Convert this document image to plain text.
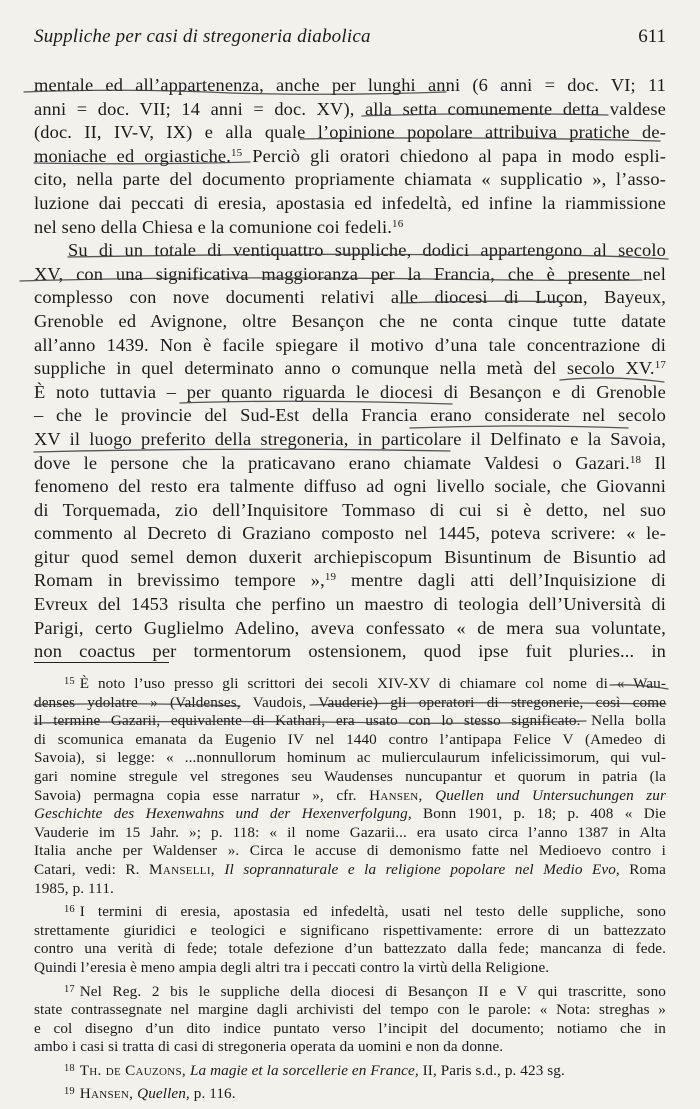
Suppliche per casi di stregoneria diabolica	611
mentale ed all’appartenenza, anche per lunghi anni (6 anni = doc. VI; 11
anni = doc. VII; 14 anni = doc. XV), alla setta comunemente detta valdese
(doc. II, IV-V, IX) e alla quale l’opinione popolare attribuiva pratiche de-
moniache ed orgiastiche.$^{15}$ Perciò gli oratori chiedono al papa in modo espli-
cito, nella parte del documento propriamente chiamata « supplicatio », l’asso-
luzione dai peccati di eresia, apostasia ed infedeltà, ed infine la riammissione
nel seno della Chiesa e la comunione coi fedeli.$^{16}$
Su di un totale di ventiquattro suppliche, dodici appartengono al secolo
XV, con una significativa maggioranza per la Francia, che è presente nel
complesso con nove documenti relativi alle diocesi di Luçon, Bayeux,
Grenoble ed Avignone, oltre Besançon che ne conta cinque tutte datate
all’anno 1439. Non è facile spiegare il motivo d’una tale concentrazione di
suppliche in quel determinato anno o comunque nella metà del secolo XV.$^{17}$
È noto tuttavia – per quanto riguarda le diocesi di Besançon e di Grenoble
– che le provincie del Sud-Est della Francia erano considerate nel secolo
XV il luogo preferito della stregoneria, in particolare il Delfinato e la Savoia,
dove le persone che la praticavano erano chiamate Valdesi o Gazari.$^{18}$ Il
fenomeno del resto era talmente diffuso ad ogni livello sociale, che Giovanni
di Torquemada, zio dell’Inquisitore Tommaso di cui si è detto, nel suo
commento al Decreto di Graziano composto nel 1445, poteva scrivere: « le-
gitur quod semel demon duxerit archiepiscopum Bisuntinum de Bisuntio ad
Romam in brevissimo tempore »,$^{19}$ mentre dagli atti dell’Inquisizione di
Evreux del 1453 risulta che perfino un maestro di teologia dell’Università di
Parigi, certo Guglielmo Adelino, aveva confessato « de mera sua voluntate,
non coactus per tormentorum ostensionem, quod ipse fuit pluries... in
$^{15}$ È noto l’uso presso gli scrittori dei secoli XIV-XV di chiamare col nome di « Wau-
denses ydolatre » (Valdenses, Vaudois, Vauderie) gli operatori di stregonerie, così come
il termine Gazarii, equivalente di Kathari, era usato con lo stesso significato. Nella bolla
di scomunica emanata da Eugenio IV nel 1440 contro l’antipapa Felice V (Amedeo di
Savoia), si legge: « ...nonnullorum hominum ac mulierculaurum infelicissimorum, qui vul-
gari nomine stregule vel stregones seu Waudenses nuncupantur et quorum in patria (la
Savoia) permagna copia esse narratur », cfr. Hansen, Quellen und Untersuchungen zur
Geschichte des Hexenwahns und der Hexenverfolgung, Bonn 1901, p. 18; p. 408 « Die
Vauderie im 15 Jahr. »; p. 118: « il nome Gazarii... era usato circa l’anno 1387 in Alta
Italia anche per Waldenser ». Circa le accuse di demonismo fatte nel Medioevo contro i
Catari, vedi: R. Manselli, Il soprannaturale e la religione popolare nel Medio Evo, Roma
1985, p. 111.
$^{16}$ I termini di eresia, apostasia ed infedeltà, usati nel testo delle suppliche, sono
strettamente giuridici e teologici e significano rispettivamente: errore di un battezzato
contro una verità di fede; totale defezione d’un battezzato dalla fede; mancanza di fede.
Quindi l’eresia è meno ampia degli altri tra i peccati contro la virtù della Religione.
$^{17}$ Nel Reg. 2 bis le suppliche della diocesi di Besançon II e V qui trascritte, sono
state contrassegnate nel margine dagli archivisti del tempo con le parole: « Nota: streghas »
e col disegno d’un dito indice puntato verso l’incipit del documento; notiamo che in
ambo i casi si tratta di casi di stregoneria operata da uomini e non da donne.
$^{18}$ Th. de Cauzons, La magie et la sorcellerie en France, II, Paris s.d., p. 423 sg.
$^{19}$ Hansen, Quellen, p. 116.
